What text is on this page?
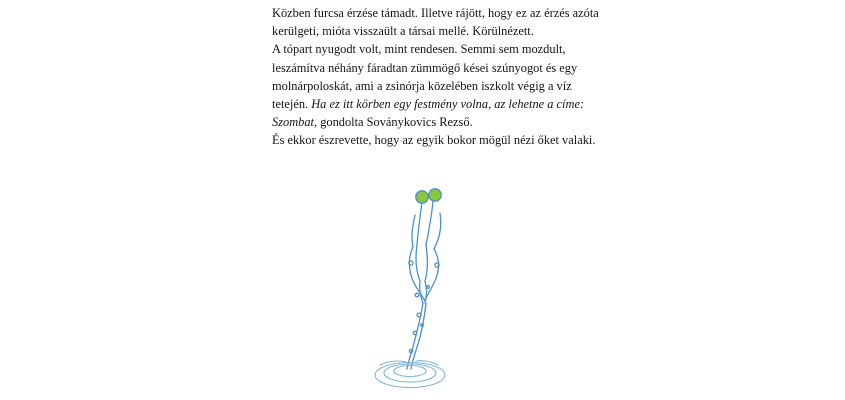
Közben furcsa érzése támadt. Illetve rájött, hogy ez az érzés azóta kerülgeti, mióta visszaült a társai mellé. Körülnézett.

A tópart nyugodt volt, mint rendesen. Semmi sem mozdult, leszámítva néhány fáradtan zümmögő kései szúnyogot és egy molnárpoloskát, ami a zsinórja közelében iszkolt végig a víz tetején. Ha ez itt körben egy festmény volna, az lehetne a címe: Szombat, gondolta Soványkovics Rezső.

És ekkor észrevette, hogy az egyik bokor mögül nézi őket valaki.
